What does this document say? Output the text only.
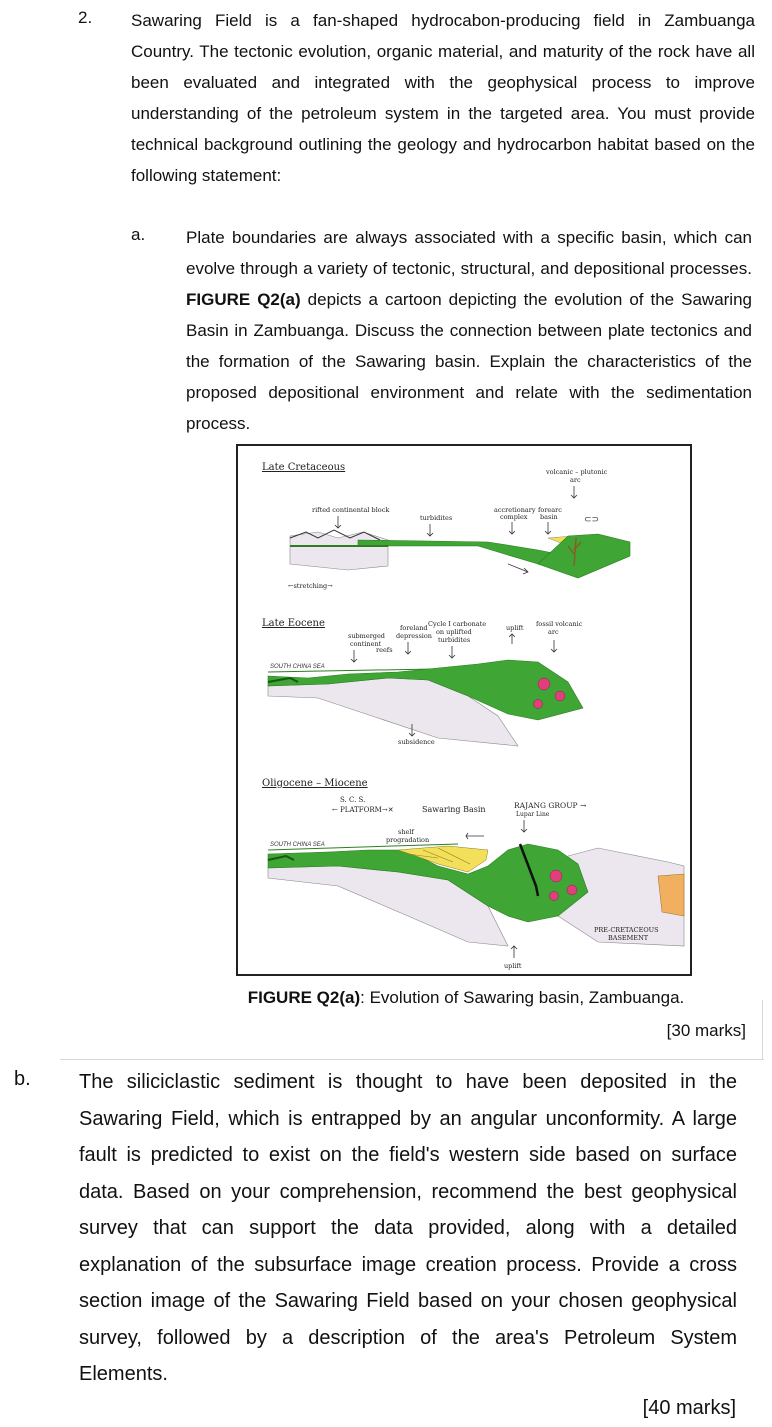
2. Sawaring Field is a fan-shaped hydrocabon-producing field in Zambuanga Country. The tectonic evolution, organic material, and maturity of the rock have all been evaluated and integrated with the geophysical process to improve understanding of the petroleum system in the targeted area. You must provide technical background outlining the geology and hydrocarbon habitat based on the following statement:
a. Plate boundaries are always associated with a specific basin, which can evolve through a variety of tectonic, structural, and depositional processes. FIGURE Q2(a) depicts a cartoon depicting the evolution of the Sawaring Basin in Zambuanga. Discuss the connection between plate tectonics and the formation of the Sawaring basin. Explain the characteristics of the proposed depositional environment and relate with the sedimentation process.
Late Cretaceous	volcanic – plutonic
arc
rifted continental block
turbidites
accretionary
complex
forearc
basin	⊂⊃
←stretching→
Late Eocene
submerged
continent
foreland
depression
Cycle I carbonate
on uplifted
turbidites
reefs
uplift fossil volcanic
arc
SOUTH CHINA SEA
subsidence
Oligocene – Miocene
S. C. S.
← PLATFORM→✕	Sawaring Basin	RAJANG GROUP →
Lupar Line
shelf
progradation
SOUTH CHINA SEA
PRE-CRETACEOUS
BASEMENT
uplift
FIGURE Q2(a): Evolution of Sawaring basin, Zambuanga.
[30 marks]
b. The siliciclastic sediment is thought to have been deposited in the Sawaring Field, which is entrapped by an angular unconformity. A large fault is predicted to exist on the field's western side based on surface data. Based on your comprehension, recommend the best geophysical survey that can support the data provided, along with a detailed explanation of the subsurface image creation process. Provide a cross section image of the Sawaring Field based on your chosen geophysical survey, followed by a description of the area's Petroleum System Elements.
[40 marks]
